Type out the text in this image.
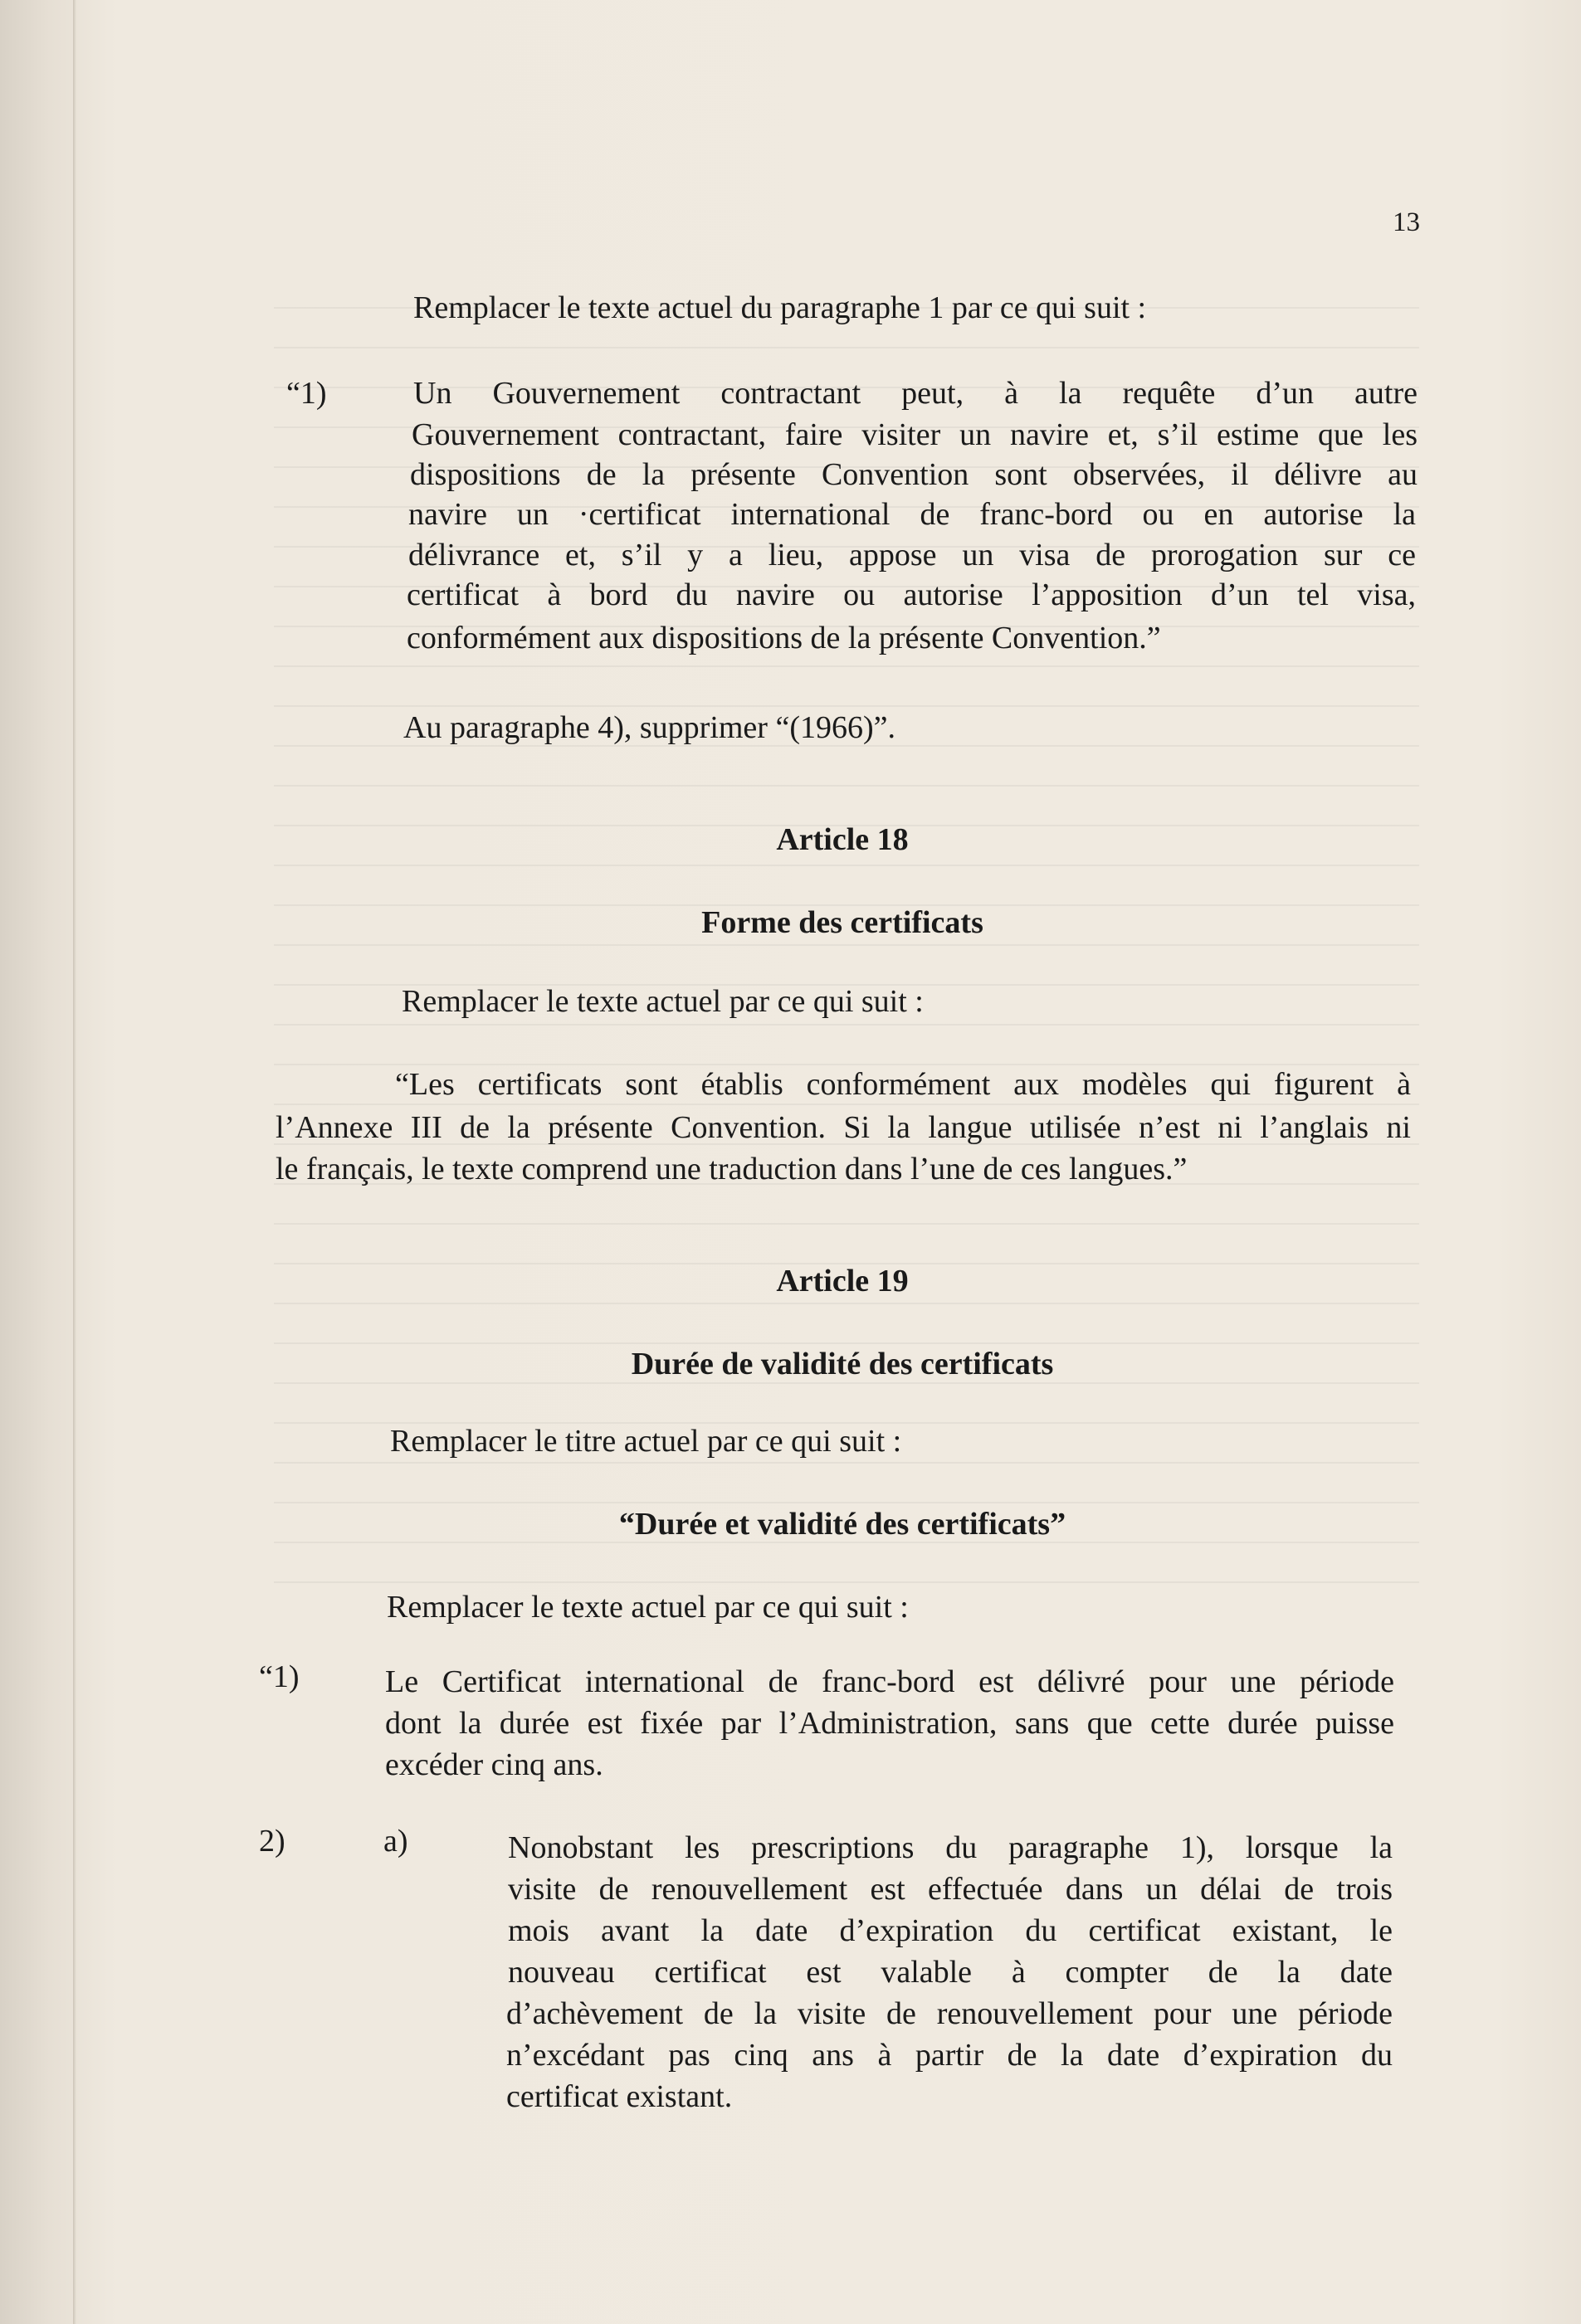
13
Remplacer le texte actuel du paragraphe 1 par ce qui suit :
“1)	Un Gouvernement contractant peut, à la requête d’un autre
Gouvernement contractant, faire visiter un navire et, s’il estime que les
dispositions de la présente Convention sont observées, il délivre au
navire un ·certificat international de franc-bord ou en autorise la
délivrance et, s’il y a lieu, appose un visa de prorogation sur ce
certificat à bord du navire ou autorise l’apposition d’un tel visa,
conformément aux dispositions de la présente Convention.”
Au paragraphe 4), supprimer “(1966)”.
Article 18
Forme des certificats
Remplacer le texte actuel par ce qui suit :
“Les certificats sont établis conformément aux modèles qui figurent à
l’Annexe III de la présente Convention. Si la langue utilisée n’est ni l’anglais ni
le français, le texte comprend une traduction dans l’une de ces langues.”
Article 19
Durée de validité des certificats
Remplacer le titre actuel par ce qui suit :
“Durée et validité des certificats”
Remplacer le texte actuel par ce qui suit :
“1)	Le Certificat international de franc-bord est délivré pour une période
dont la durée est fixée par l’Administration, sans que cette durée puisse
excéder cinq ans.
2)	a)	Nonobstant les prescriptions du paragraphe 1), lorsque la
visite de renouvellement est effectuée dans un délai de trois
mois avant la date d’expiration du certificat existant, le
nouveau certificat est valable à compter de la date
d’achèvement de la visite de renouvellement pour une période
n’excédant pas cinq ans à partir de la date d’expiration du
certificat existant.
